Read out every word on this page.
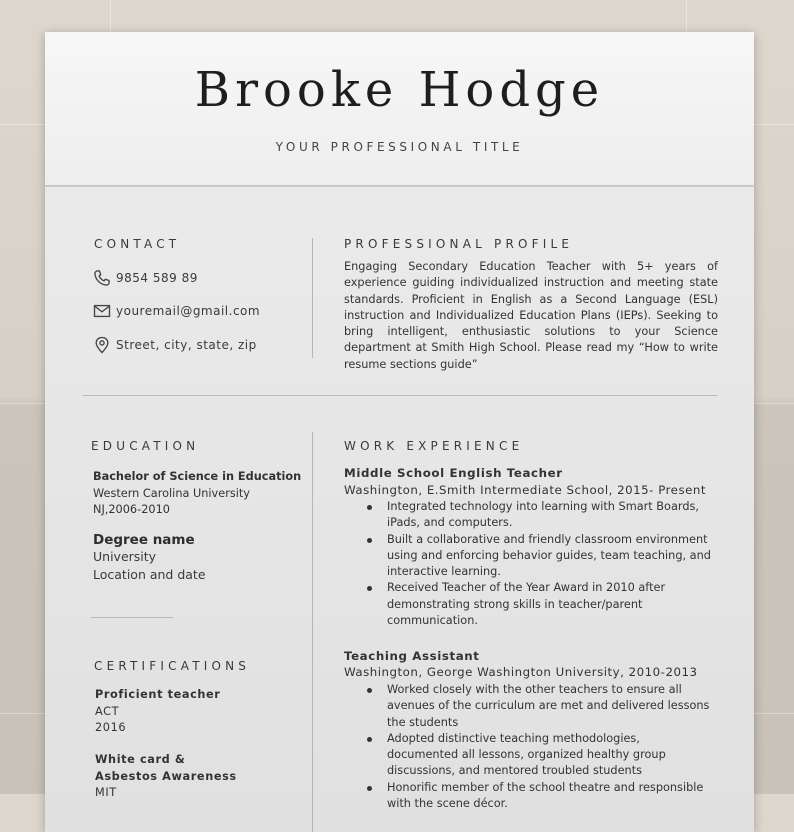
Brooke Hodge
YOUR PROFESSIONAL TITLE
CONTACT
9854 589 89
youremail@gmail.com
Street, city, state, zip
PROFESSIONAL PROFILE
Engaging Secondary Education Teacher with 5+ years of experience guiding individualized instruction and meeting state standards. Proficient in English as a Second Language (ESL) instruction and Individualized Education Plans (IEPs). Seeking to bring intelligent, enthusiastic solutions to your Science department at Smith High School. Please read my “How to write resume sections guide”
EDUCATION
Bachelor of Science in Education
Western Carolina University
NJ,2006-2010
Degree name
University
Location and date
CERTIFICATIONS
Proficient teacher
ACT
2016
White card &
Asbestos Awareness
MIT
WORK EXPERIENCE
Middle School English Teacher
Washington, E.Smith Intermediate School, 2015- Present
Integrated technology into learning with Smart Boards, iPads, and computers.
Built a collaborative and friendly classroom environment using and enforcing behavior guides, team teaching, and interactive learning.
Received Teacher of the Year Award in 2010 after demonstrating strong skills in teacher/parent communication.
Teaching Assistant
Washington, George Washington University, 2010-2013
Worked closely with the other teachers to ensure all avenues of the curriculum are met and delivered lessons the students
Adopted distinctive teaching methodologies, documented all lessons, organized healthy group discussions, and mentored troubled students
Honorific member of the school theatre and responsible with the scene décor.
